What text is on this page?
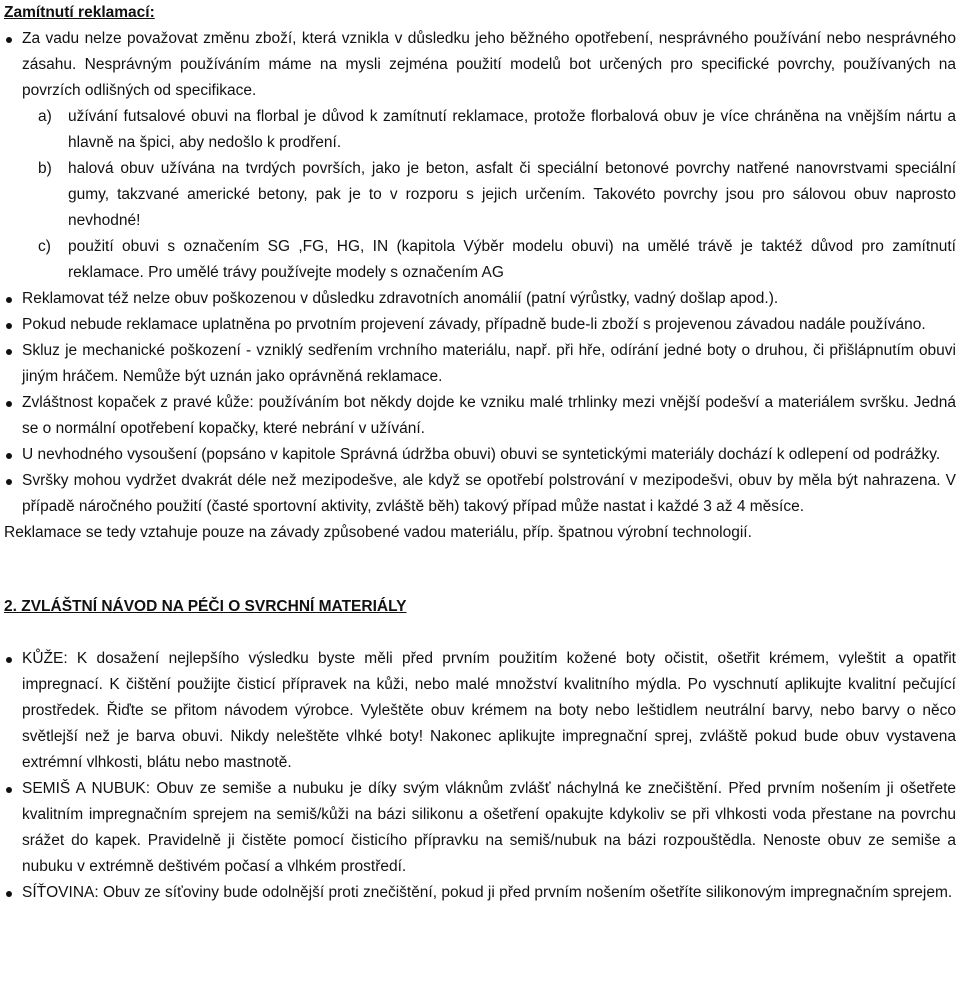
Zamítnutí reklamací:
Za vadu nelze považovat změnu zboží, která vznikla v důsledku jeho běžného opotřebení, nesprávného používání nebo nesprávného zásahu. Nesprávným používáním máme na mysli zejména použití modelů bot určených pro specifické povrchy, používaných na povrzích odlišných od specifikace.
a) užívání futsalové obuvi na florbal je důvod k zamítnutí reklamace, protože florbalová obuv je více chráněna na vnějším nártu a hlavně na špici, aby nedošlo k prodření.
b) halová obuv užívána na tvrdých površích, jako je beton, asfalt či speciální betonové povrchy natřené nanovrstvami speciální gumy, takzvané americké betony, pak je to v rozporu s jejich určením. Takovéto povrchy jsou pro sálovou obuv naprosto nevhodné!
c) použití obuvi s označením SG ,FG, HG, IN (kapitola Výběr modelu obuvi) na umělé trávě je taktéž důvod pro zamítnutí reklamace. Pro umělé trávy používejte modely s označením AG
Reklamovat též nelze obuv poškozenou v důsledku zdravotních anomálií (patní výrůstky, vadný došlap apod.).
Pokud nebude reklamace uplatněna po prvotním projevení závady, případně bude-li zboží s projevenou závadou nadále používáno.
Skluz je mechanické poškození - vzniklý sedřením vrchního materiálu, např. při hře, odírání jedné boty o druhou, či přišlápnutím obuvi jiným hráčem. Nemůže být uznán jako oprávněná reklamace.
Zvláštnost kopaček z pravé kůže: používáním bot někdy dojde ke vzniku malé trhlinky mezi vnější podešví a materiálem svršku. Jedná se o normální opotřebení kopačky, které nebrání v užívání.
U nevhodného vysoušení (popsáno v kapitole Správná údržba obuvi) obuvi se syntetickými materiály dochází k odlepení od podrážky.
Svršky mohou vydržet dvakrát déle než mezipodešve, ale když se opotřebí polstrování v mezipodešvi, obuv by měla být nahrazena. V případě náročného použití (časté sportovní aktivity, zvláště běh) takový případ může nastat i každé 3 až 4 měsíce.

Reklamace se tedy vztahuje pouze na závady způsobené vadou materiálu, příp. špatnou výrobní technologií.

2. ZVLÁŠTNÍ NÁVOD NA PÉČI O SVRCHNÍ MATERIÁLY
KŮŽE: K dosažení nejlepšího výsledku byste měli před prvním použitím kožené boty očistit, ošetřit krémem, vyleštit a opatřit impregnací. K čištění použijte čisticí přípravek na kůži, nebo malé množství kvalitního mýdla. Po vyschnutí aplikujte kvalitní pečující prostředek. Řiďte se přitom návodem výrobce. Vyleštěte obuv krémem na boty nebo leštidlem neutrální barvy, nebo barvy o něco světlejší než je barva obuvi. Nikdy neleštěte vlhké boty! Nakonec aplikujte impregnační sprej, zvláště pokud bude obuv vystavena extrémní vlhkosti, blátu nebo mastnotě.
SEMIŠ A NUBUK: Obuv ze semiše a nubuku je díky svým vláknům zvlášť náchylná ke znečištění. Před prvním nošením ji ošetřete kvalitním impregnačním sprejem na semiš/kůži na bázi silikonu a ošetření opakujte kdykoliv se při vlhkosti voda přestane na povrchu srážet do kapek. Pravidelně ji čistěte pomocí čisticího přípravku na semiš/nubuk na bázi rozpouštědla. Nenoste obuv ze semiše a nubuku v extrémně deštivém počasí a vlhkém prostředí.
SÍŤOVINA: Obuv ze síťoviny bude odolnější proti znečištění, pokud ji před prvním nošením ošetříte silikonovým impregnačním sprejem.
